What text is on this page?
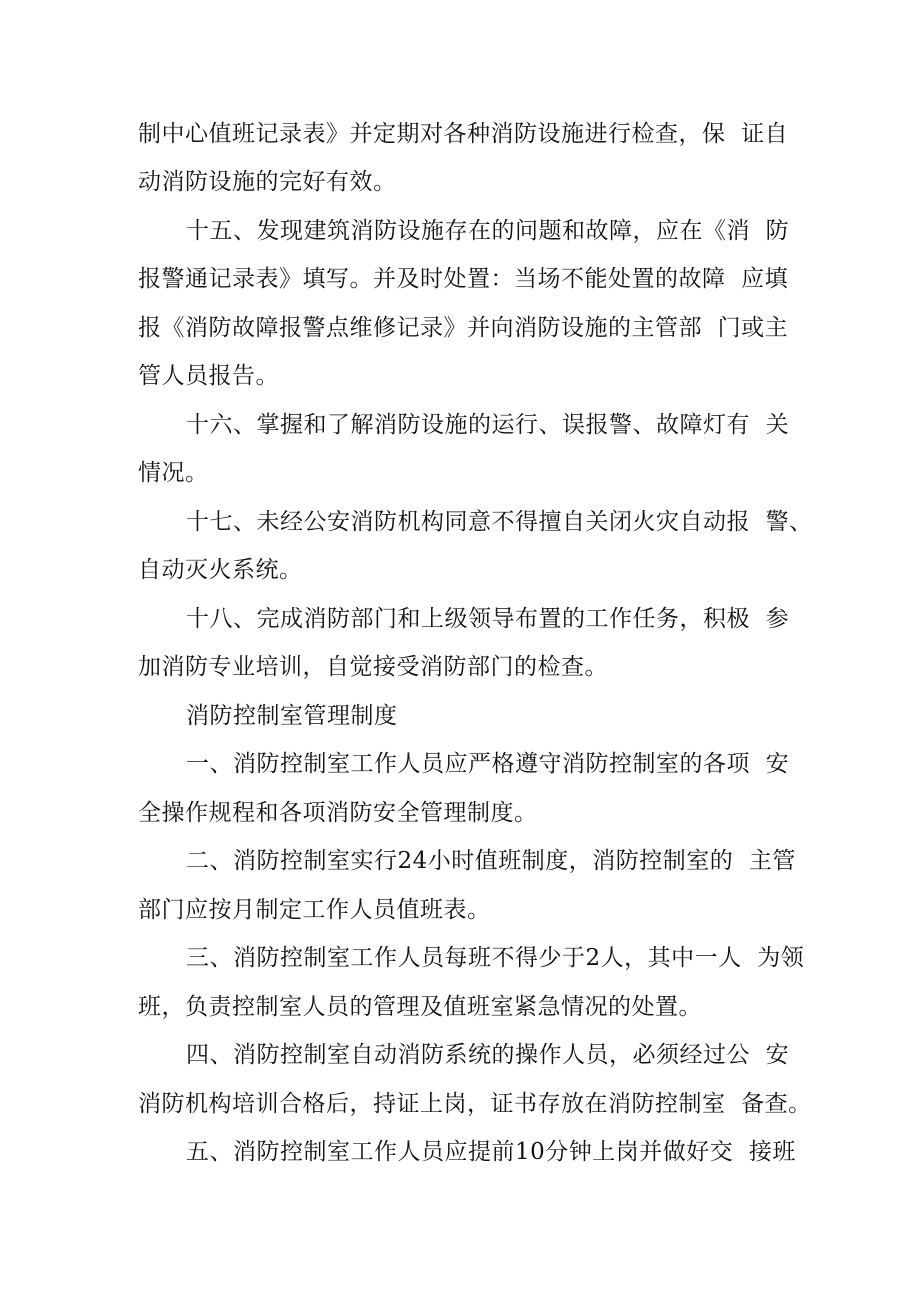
制中心值班记录表》并定期对各种消防设施进行检查，保  证自
动消防设施的完好有效。
十五、发现建筑消防设施存在的问题和故障，应在《消  防
报警通记录表》填写。并及时处置：当场不能处置的故障  应填
报《消防故障报警点维修记录》并向消防设施的主管部  门或主
管人员报告。
十六、掌握和了解消防设施的运行、误报警、故障灯有  关
情况。
十七、未经公安消防机构同意不得擅自关闭火灾自动报  警、
自动灭火系统。
十八、完成消防部门和上级领导布置的工作任务，积极  参
加消防专业培训，自觉接受消防部门的检查。
消防控制室管理制度
一、消防控制室工作人员应严格遵守消防控制室的各项  安
全操作规程和各项消防安全管理制度。
二、消防控制室实行24小时值班制度，消防控制室的  主管
部门应按月制定工作人员值班表。
三、消防控制室工作人员每班不得少于2人，其中一人  为领
班，负责控制室人员的管理及值班室紧急情况的处置。
四、消防控制室自动消防系统的操作人员，必须经过公  安
消防机构培训合格后，持证上岗，证书存放在消防控制室  备查。
五、消防控制室工作人员应提前10分钟上岗并做好交  接班
